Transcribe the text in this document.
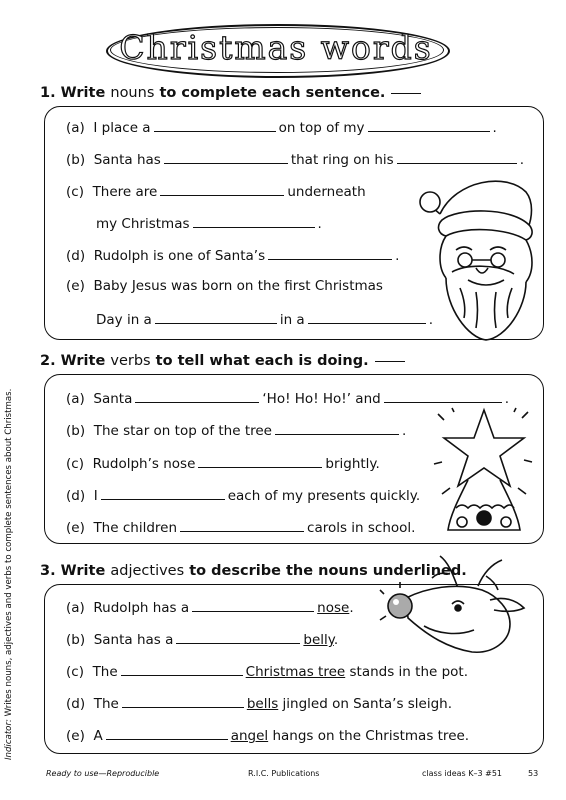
Christmas words
1. Write nouns to complete each sentence.
(a) I place a	on top of my	.
(b) Santa has	that ring on his	.
(c) There are	underneath
my Christmas	.
(d) Rudolph is one of Santa’s	.
(e) Baby Jesus was born on the first Christmas
Day in a	in a	.
2. Write verbs to tell what each is doing.
(a) Santa	‘Ho! Ho! Ho!’ and	.
(b) The star on top of the tree	.
(c) Rudolph’s nose	brightly.
(d) I	each of my presents quickly.
(e) The children	carols in school.
3. Write adjectives to describe the nouns underlined.
(a) Rudolph has a	nose.
(b) Santa has a	belly.
(c) The	Christmas tree stands in the pot.
(d) The	bells jingled on Santa’s sleigh.
(e) A	angel hangs on the Christmas tree.
Indicator: Writes nouns, adjectives and verbs to complete sentences about Christmas.
Ready to use—Reproducible	R.I.C. Publications	class ideas K–3 #51	53
